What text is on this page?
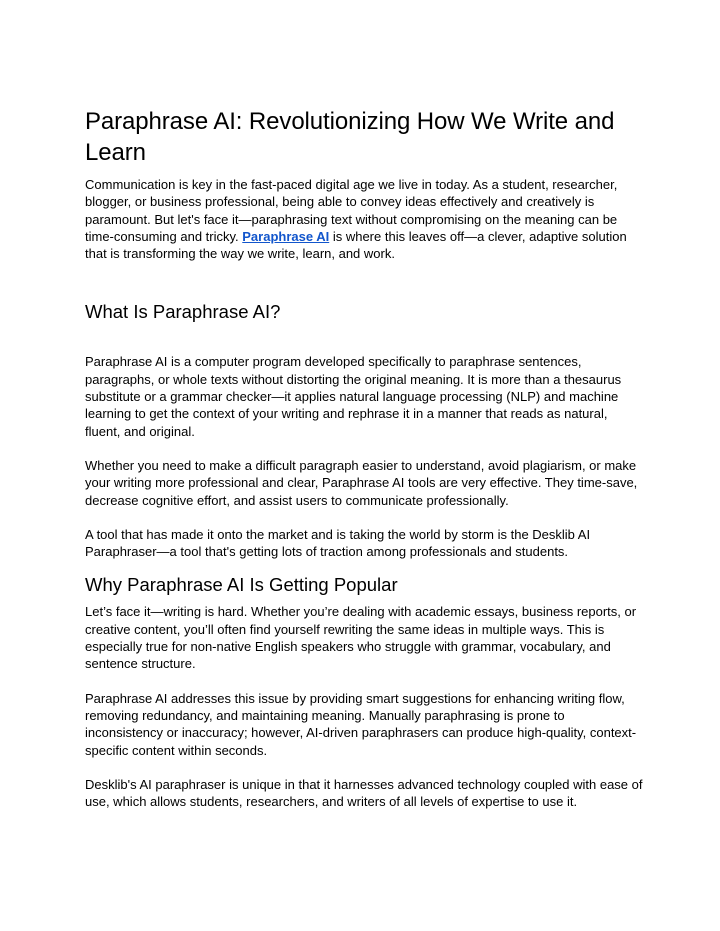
Paraphrase AI: Revolutionizing How We Write and Learn

Communication is key in the fast-paced digital age we live in today. As a student, researcher, blogger, or business professional, being able to convey ideas effectively and creatively is paramount. But let's face it—paraphrasing text without compromising on the meaning can be time-consuming and tricky. Paraphrase AI is where this leaves off—a clever, adaptive solution that is transforming the way we write, learn, and work.

What Is Paraphrase AI?

Paraphrase AI is a computer program developed specifically to paraphrase sentences, paragraphs, or whole texts without distorting the original meaning. It is more than a thesaurus substitute or a grammar checker—it applies natural language processing (NLP) and machine learning to get the context of your writing and rephrase it in a manner that reads as natural, fluent, and original.

Whether you need to make a difficult paragraph easier to understand, avoid plagiarism, or make your writing more professional and clear, Paraphrase AI tools are very effective. They time-save, decrease cognitive effort, and assist users to communicate professionally.

A tool that has made it onto the market and is taking the world by storm is the Desklib AI Paraphraser—a tool that's getting lots of traction among professionals and students.

Why Paraphrase AI Is Getting Popular

Let’s face it—writing is hard. Whether you’re dealing with academic essays, business reports, or creative content, you’ll often find yourself rewriting the same ideas in multiple ways. This is especially true for non-native English speakers who struggle with grammar, vocabulary, and sentence structure.

Paraphrase AI addresses this issue by providing smart suggestions for enhancing writing flow, removing redundancy, and maintaining meaning. Manually paraphrasing is prone to inconsistency or inaccuracy; however, AI-driven paraphrasers can produce high-quality, context-specific content within seconds.

Desklib's AI paraphraser is unique in that it harnesses advanced technology coupled with ease of use, which allows students, researchers, and writers of all levels of expertise to use it.
